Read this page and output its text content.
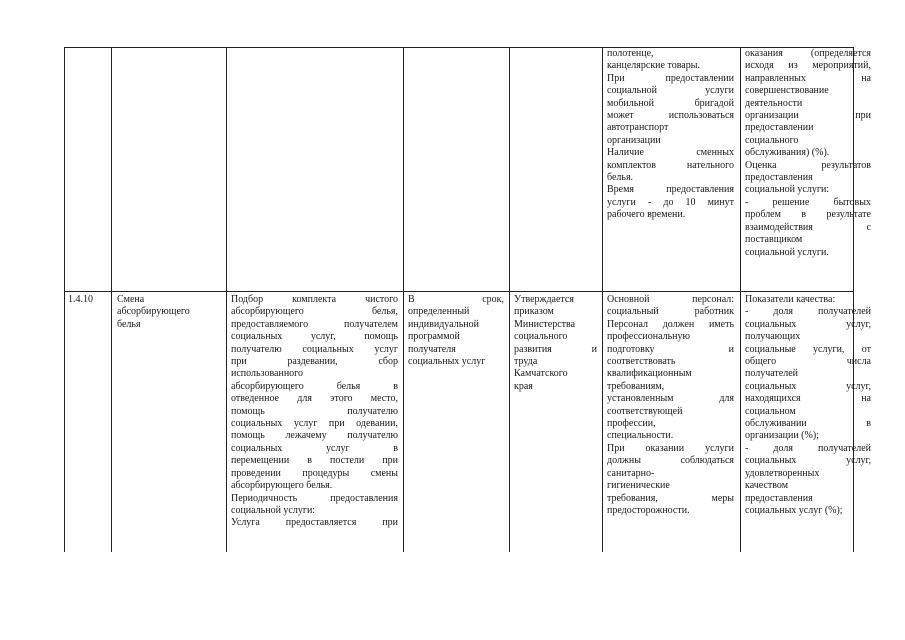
полотенце,
канцелярские товары.
При предоставлении
социальной услуги
мобильной бригадой
может использоваться
автотранспорт
организации
Наличие сменных
комплектов нательного
белья.
Время предоставления
услуги - до 10 минут
рабочего времени.
оказания (определяется
исходя из мероприятий,
направленных на
совершенствование
деятельности
организации при
предоставлении
социального
обслуживания) (%).
Оценка результатов
предоставления
социальной услуги:
- решение бытовых
проблем в результате
взаимодействия с
поставщиком
социальной услуги.
1.4.10	Смена
абсорбирующего
белья
Подбор комплекта чистого
абсорбирующего белья,
предоставляемого получателем
социальных услуг, помощь
получателю социальных услуг
при раздевании, сбор
использованного
абсорбирующего белья в
отведенное для этого место,
помощь получателю
социальных услуг при одевании,
помощь лежачему получателю
социальных услуг в
перемещении в постели при
проведении процедуры смены
абсорбирующего белья.
Периодичность предоставления
социальной услуги:
Услуга предоставляется при
В срок,
определенный
индивидуальной
программой
получателя
социальных услуг
Утверждается
приказом
Министерства
социального
развития и
труда
Камчатского
края
Основной персонал:
социальный работник
Персонал должен иметь
профессиональную
подготовку и
соответствовать
квалификационным
требованиям,
установленным для
соответствующей
профессии,
специальности.
При оказании услуги
должны соблюдаться
санитарно-
гигиенические
требования, меры
предосторожности.
Показатели качества:
- доля получателей
социальных услуг,
получающих
социальные услуги, от
общего числа
получателей
социальных услуг,
находящихся на
социальном
обслуживании в
организации (%);
- доля получателей
социальных услуг,
удовлетворенных
качеством
предоставления
социальных услуг (%);
